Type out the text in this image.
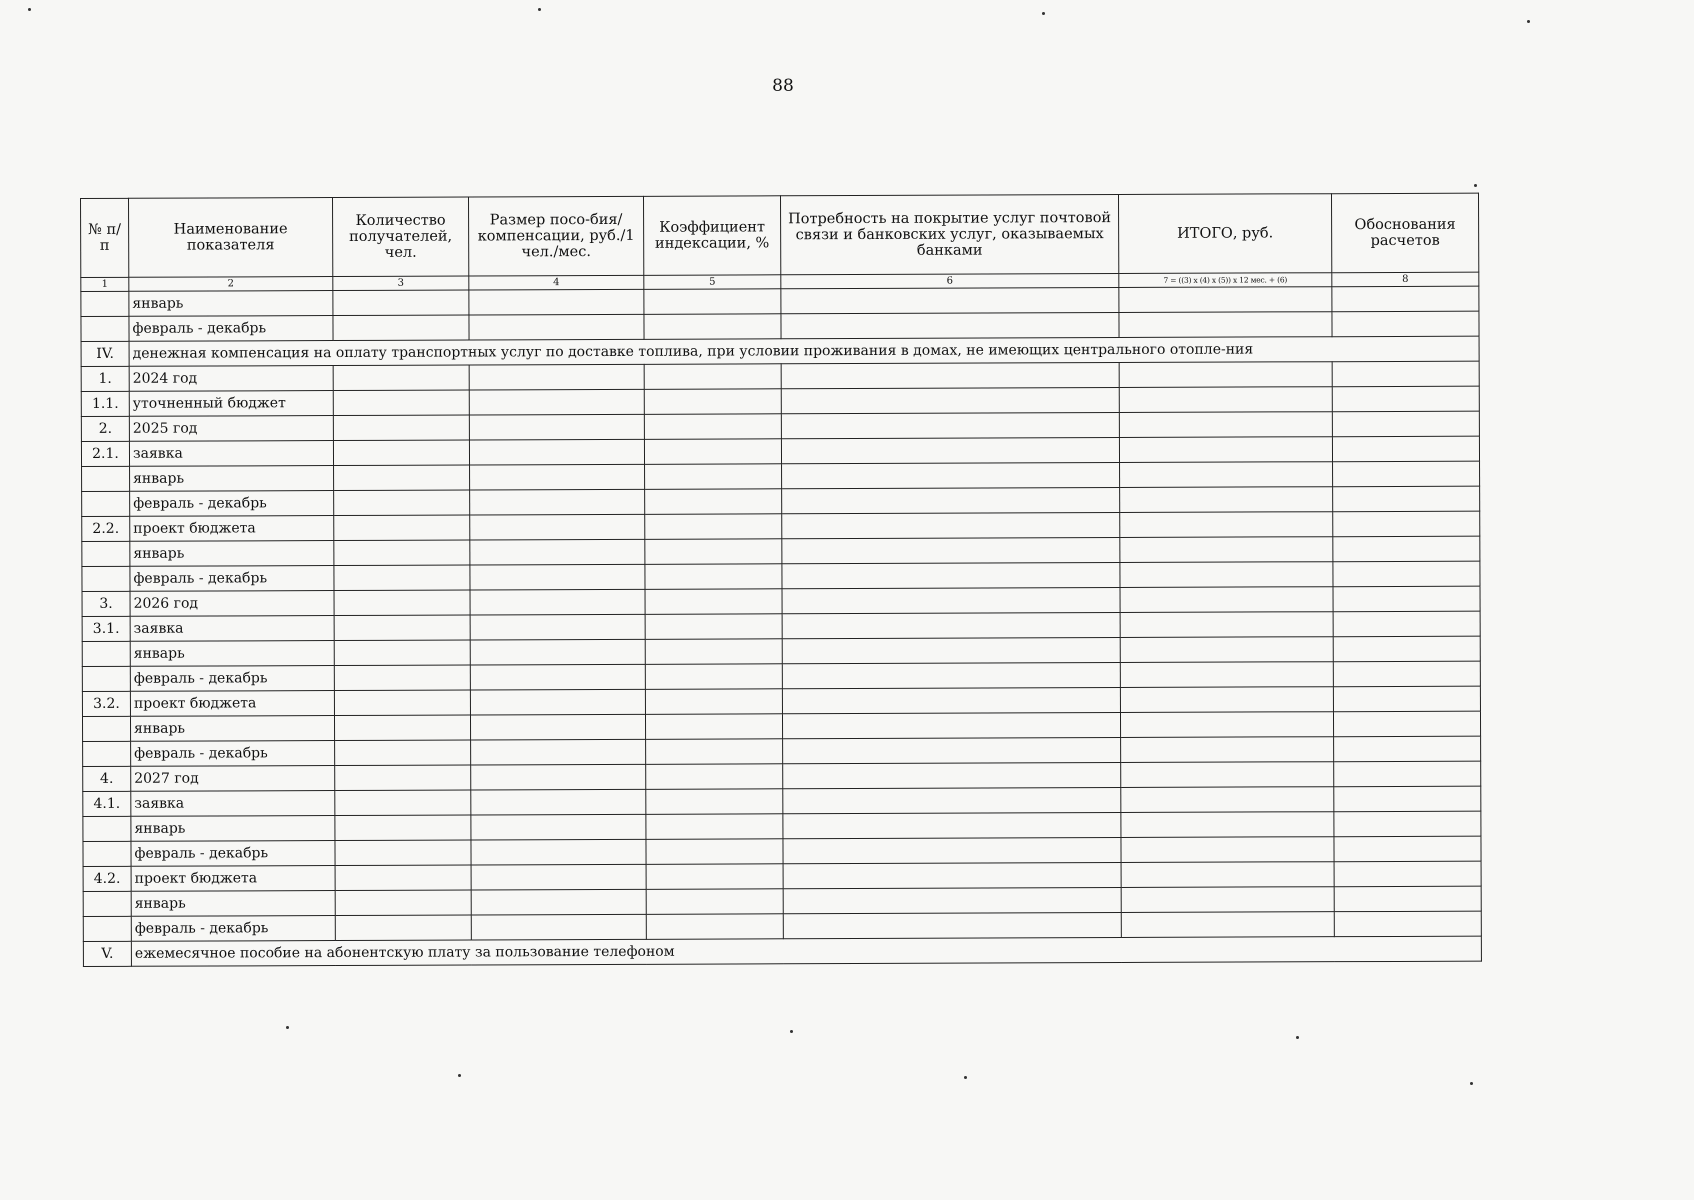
88
№ п/п	Наименование показателя	Количество получателей, чел.	Размер посо-бия/компенсации, руб./1 чел./мес.	Коэффициент индексации, %	Потребность на покрытие услуг почтовой связи и банковских услуг, оказываемых банками	ИТОГО, руб.	Обоснования расчетов
1	2	3	4	5	6	7 = ((3) x (4) x (5)) x 12 мес. + (6)	8
	январь						
	февраль - декабрь						
IV.	денежная компенсация на оплату транспортных услуг по доставке топлива, при условии проживания в домах, не имеющих центрального отопле-ния						
1.	2024 год						
1.1.	уточненный бюджет						
2.	2025 год						
2.1.	заявка						
	январь						
	февраль - декабрь						
2.2.	проект бюджета						
	январь						
	февраль - декабрь						
3.	2026 год						
3.1.	заявка						
	январь						
	февраль - декабрь						
3.2.	проект бюджета						
	январь						
	февраль - декабрь						
4.	2027 год						
4.1.	заявка						
	январь						
	февраль - декабрь						
4.2.	проект бюджета						
	январь						
	февраль - декабрь						
V.	ежемесячное пособие на абонентскую плату за пользование телефоном						
